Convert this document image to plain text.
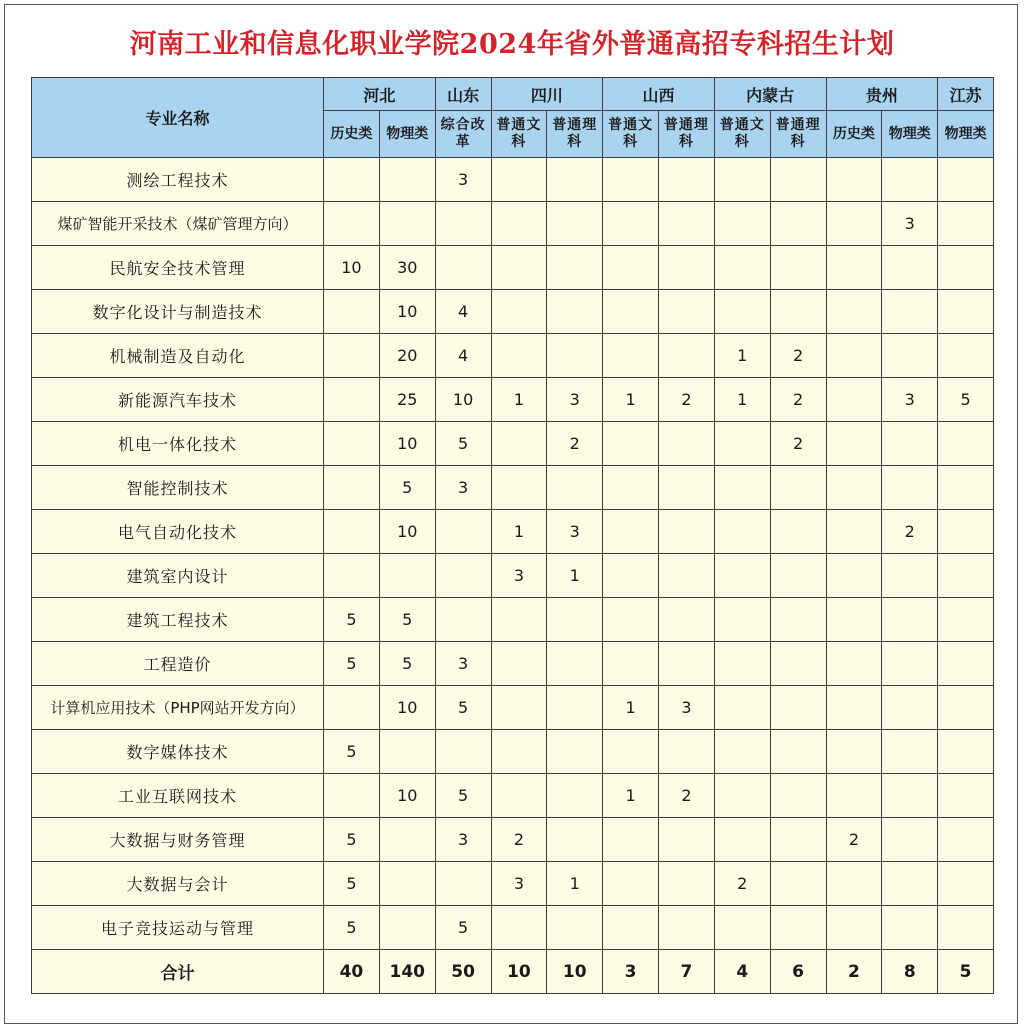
河南工业和信息化职业学院2024年省外普通高招专科招生计划
专业名称	河北		山东	四川		山西		内蒙古		贵州		江苏
	历史类	物理类	综合改革	普通文科	普通理科	普通文科	普通理科	普通文科	普通理科	历史类	物理类	物理类
测绘工程技术			3									
煤矿智能开采技术（煤矿管理方向）											3	
民航安全技术管理	10	30										
数字化设计与制造技术		10	4									
机械制造及自动化		20	4					1	2			
新能源汽车技术		25	10	1	3	1	2	1	2		3	5
机电一体化技术		10	5		2				2			
智能控制技术		5	3									
电气自动化技术		10		1	3						2	
建筑室内设计				3	1							
建筑工程技术	5	5										
工程造价	5	5	3									
计算机应用技术（PHP网站开发方向）		10	5			1	3					
数字媒体技术	5											
工业互联网技术		10	5			1	2					
大数据与财务管理	5		3	2						2		
大数据与会计	5			3	1			2				
电子竞技运动与管理	5		5									
合计	40	140	50	10	10	3	7	4	6	2	8	5
